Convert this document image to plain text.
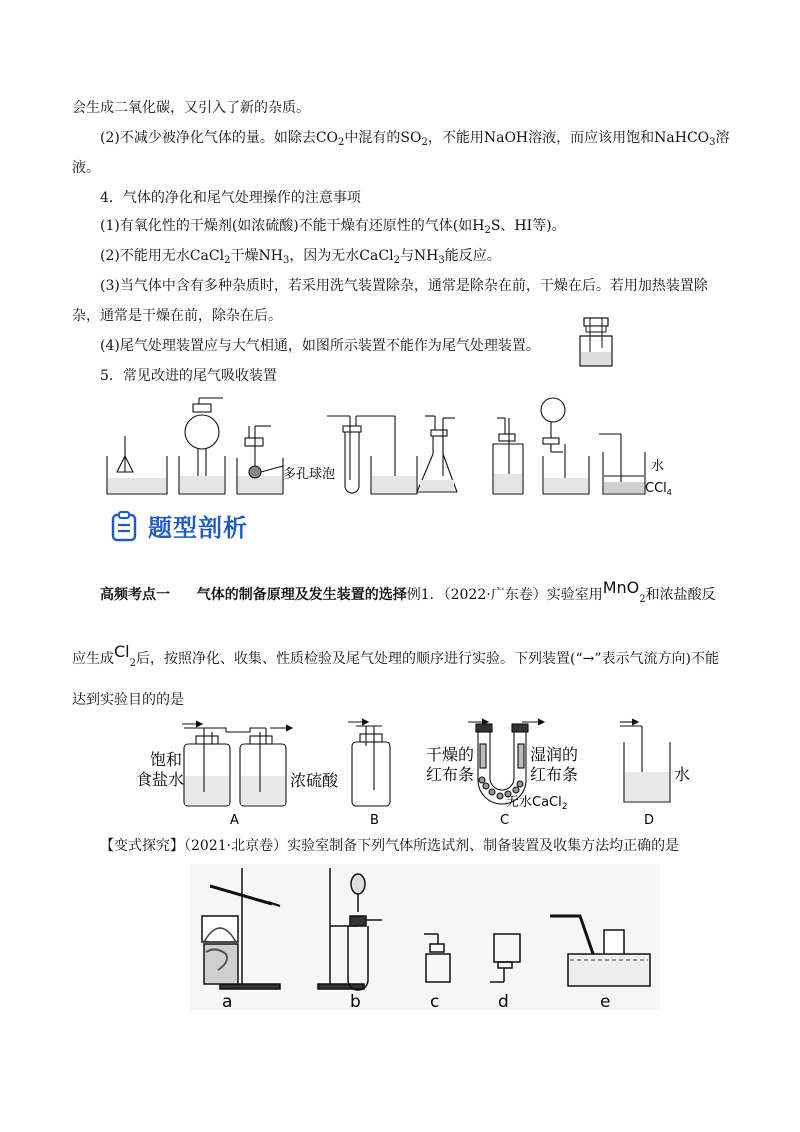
会生成二氧化碳，又引入了新的杂质。
(2)不减少被净化气体的量。如除去$CO_2$中混有的$SO_2$，不能用NaOH溶液，而应该用饱和NaHCO$_3$溶
液。
4．气体的净化和尾气处理操作的注意事项
(1)有氧化性的干燥剂(如浓硫酸)不能干燥有还原性的气体(如$H_2S$、HI等)。
(2)不能用无水CaCl$_2$干燥$NH_3$，因为无水CaCl$_2$与$NH_3$能反应。
(3)当气体中含有多种杂质时，若采用洗气装置除杂，通常是除杂在前，干燥在后。若用加热装置除
杂，通常是干燥在前，除杂在后。
(4)尾气处理装置应与大气相通，如图所示装置不能作为尾气处理装置。
5．常见改进的尾气吸收装置
多孔球泡
水
CCl$_4$
题型剖析
高频考点一 气体的制备原理及发生装置的选择例1．（2022·广东卷）实验室用MnO$_2$和浓盐酸反
应生成$Cl_2$后，按照净化、收集、性质检验及尾气处理的顺序进行实验。下列装置(“→”表示气流方向)不能
达到实验目的的是
饱和
食盐水	浓硫酸
A	B
干燥的
红布条
湿润的
红布条
无水CaCl$_2$
C
水
D
【变式探究】（2021·北京卷）实验室制备下列气体所选试剂、制备装置及收集方法均正确的是
a	b	c	d	e
